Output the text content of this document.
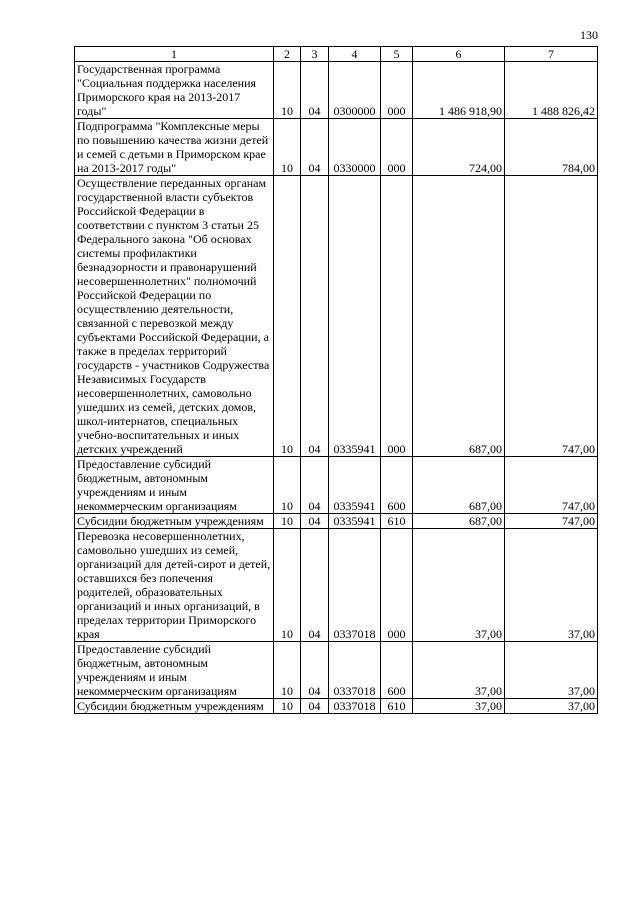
130
1	2	3	4	5	6	7
Государственная программа "Социальная поддержка населения Приморского края на 2013-2017 годы"	10	04	0300000	000	1 486 918,90	1 488 826,42
Подпрограмма "Комплексные меры по повышению качества жизни детей и семей с детьми в Приморском крае на 2013-2017 годы"	10	04	0330000	000	724,00	784,00
Осуществление переданных органам государственной власти субъектов Российской Федерации в соответствии с пунктом 3 статьи 25 Федерального закона "Об основах системы профилактики безнадзорности и правонарушений несовершеннолетних" полномочий Российской Федерации по осуществлению деятельности, связанной с перевозкой между субъектами Российской Федерации, а также в пределах территорий государств - участников Содружества Независимых Государств несовершеннолетних, самовольно ушедших из семей, детских домов, школ-интернатов, специальных учебно-воспитательных и иных детских учреждений	10	04	0335941	000	687,00	747,00
Предоставление субсидий бюджетным, автономным учреждениям и иным некоммерческим организациям	10	04	0335941	600	687,00	747,00
Субсидии бюджетным учреждениям	10	04	0335941	610	687,00	747,00
Перевозка несовершеннолетних, самовольно ушедших из семей, организаций для детей-сирот и детей, оставшихся без попечения родителей, образовательных организаций и иных организаций, в пределах территории Приморского края	10	04	0337018	000	37,00	37,00
Предоставление субсидий бюджетным, автономным учреждениям и иным некоммерческим организациям	10	04	0337018	600	37,00	37,00
Субсидии бюджетным учреждениям	10	04	0337018	610	37,00	37,00
